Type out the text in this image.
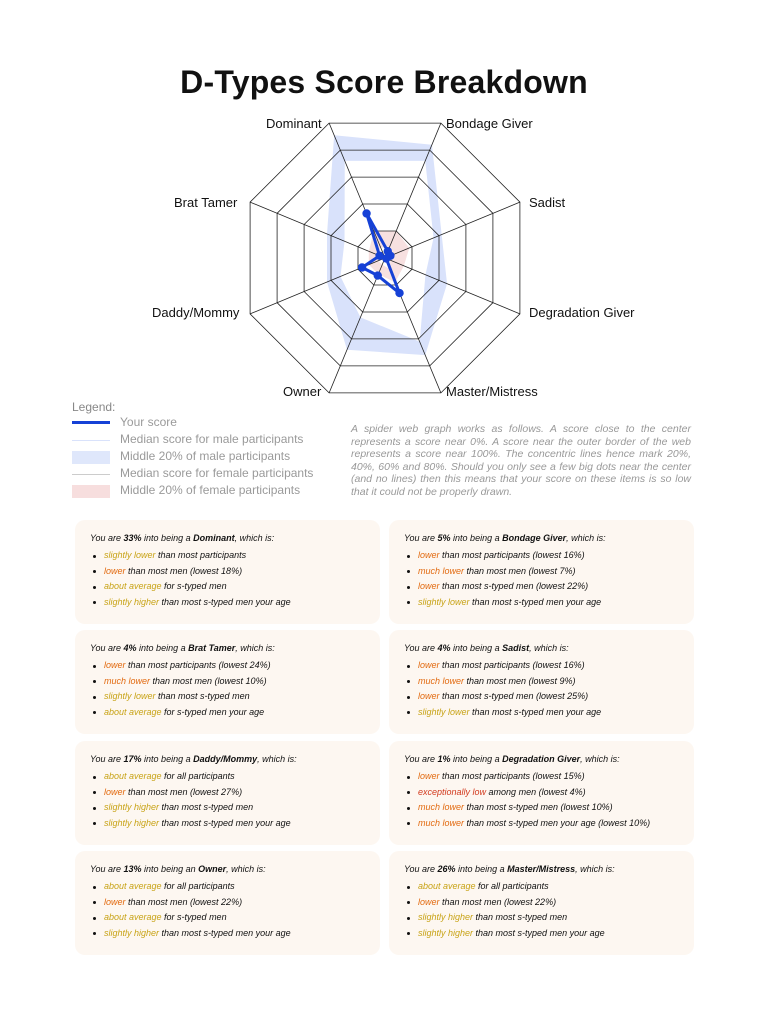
D-Types Score Breakdown
Dominant	Bondage Giver
Sadist
Degradation Giver
Master/Mistress
Owner
Daddy/Mommy
Brat Tamer
Legend:
Your score
Median score for male participants
Middle 20% of male participants
Median score for female participants
Middle 20% of female participants
A spider web graph works as follows. A score close to the center represents a score near 0%. A score near the outer border of the web represents a score near 100%. The concentric lines hence mark 20%, 40%, 60% and 80%. Should you only see a few big dots near the center (and no lines) then this means that your score on these items is so low that it could not be properly drawn.
You are 33% into being a Dominant, which is:
slightly lower than most participants
lower than most men (lowest 18%)
about average for s-typed men
slightly higher than most s-typed men your age
You are 5% into being a Bondage Giver, which is:
lower than most participants (lowest 16%)
much lower than most men (lowest 7%)
lower than most s-typed men (lowest 22%)
slightly lower than most s-typed men your age
You are 4% into being a Brat Tamer, which is:
lower than most participants (lowest 24%)
much lower than most men (lowest 10%)
slightly lower than most s-typed men
about average for s-typed men your age
You are 4% into being a Sadist, which is:
lower than most participants (lowest 16%)
much lower than most men (lowest 9%)
lower than most s-typed men (lowest 25%)
slightly lower than most s-typed men your age
You are 17% into being a Daddy/Mommy, which is:
about average for all participants
lower than most men (lowest 27%)
slightly higher than most s-typed men
slightly higher than most s-typed men your age
You are 1% into being a Degradation Giver, which is:
lower than most participants (lowest 15%)
exceptionally low among men (lowest 4%)
much lower than most s-typed men (lowest 10%)
much lower than most s-typed men your age (lowest 10%)
You are 13% into being an Owner, which is:
about average for all participants
lower than most men (lowest 22%)
about average for s-typed men
slightly higher than most s-typed men your age
You are 26% into being a Master/Mistress, which is:
about average for all participants
lower than most men (lowest 22%)
slightly higher than most s-typed men
slightly higher than most s-typed men your age
